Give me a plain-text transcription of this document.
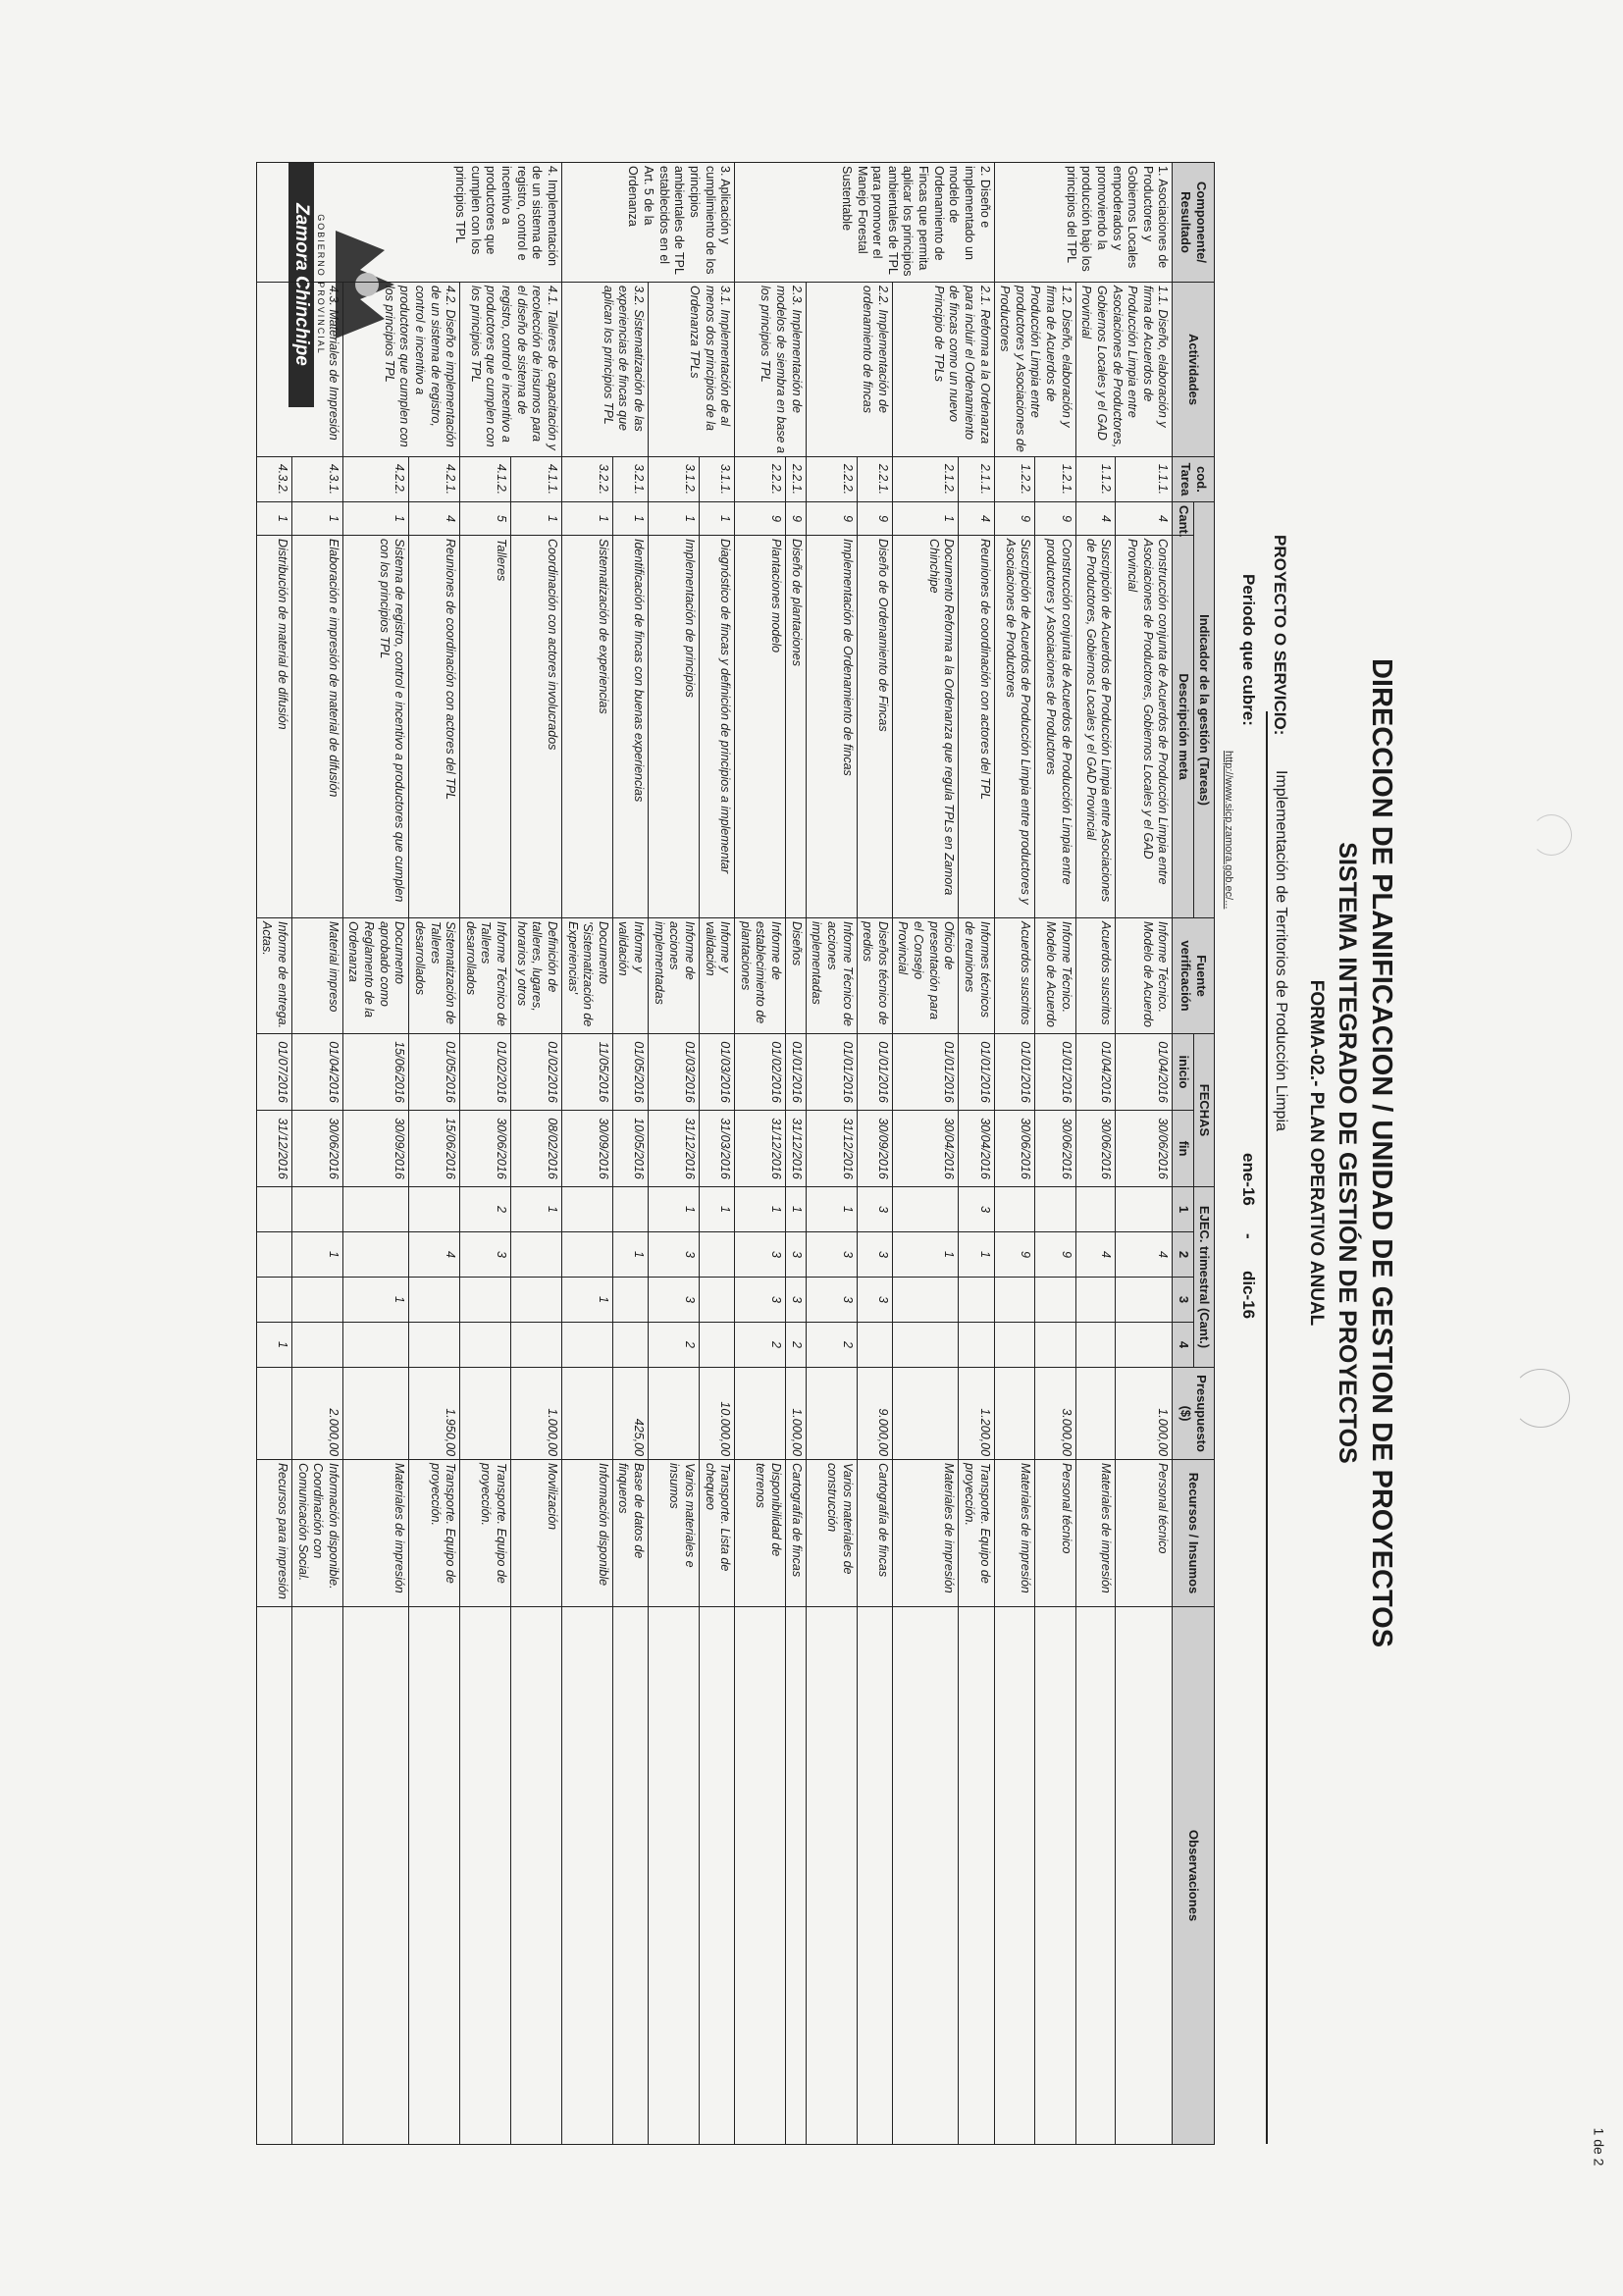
GOBIERNO PROVINCIAL
Zamora Chinchipe
DIRECCION DE PLANIFICACION / UNIDAD DE GESTION DE PROYECTOS
SISTEMA INTEGRADO DE GESTIÓN DE PROYECTOS
FORMA-02.- PLAN OPERATIVO ANUAL
PROYECTO O SERVICIO:
Implementación de Territorios de Producción Limpia
Periodo que cubre:
ene-16
-
dic-16
http://www.sicp.zamora.gob.ec/...
Componente/ Resultado	Actividades	cod. Tarea	Indicador de la gestión (Tareas)		Fuente verificación	FECHAS		EJEC. trimestral (Cant.)				Presupuesto ($)	Recursos / Insumos	Observaciones
			Cant.	Descripción meta		inicio	fin	1	2	3	4			
1. Asociaciones de Productores y Gobiernos Locales empoderados y promoviendo la producción bajo los principios del TPL	1.1. Diseño, elaboración y firma de Acuerdos de Producción Limpia entre Asociaciones de Productores, Gobiernos Locales y el GAD Provincial	1.1.1.	4	Construcción conjunta de Acuerdos de Producción Limpia entre Asociaciones de Productores, Gobiernos Locales y el GAD Provincial	Informe Técnico. Modelo de Acuerdo	01/04/2016	30/06/2016		4			1.000,00	Personal técnico	
		1.1.2.	4	Suscripción de Acuerdos de Producción Limpia entre Asociaciones de Productores, Gobiernos Locales y el GAD Provincial	Acuerdos suscritos	01/04/2016	30/06/2016		4				Materiales de impresión	
	1.2. Diseño, elaboración y firma de Acuerdos de Producción Limpia entre productores y Asociaciones de Productores	1.2.1.	9	Construcción conjunta de Acuerdos de Producción Limpia entre productores y Asociaciones de Productores	Informe Técnico. Modelo de Acuerdo	01/01/2016	30/06/2016		9			3.000,00	Personal técnico	
		1.2.2.	9	Suscripción de Acuerdos de Producción Limpia entre productores y Asociaciones de Productores	Acuerdos suscritos	01/01/2016	30/06/2016		9				Materiales de impresión	
2. Diseño e implementado un modelo de Ordenamiento de Fincas que permita aplicar los principios ambientales de TPL para promover el Manejo Forestal Sustentable	2.1. Reforma a la Ordenanza para incluir el Ordenamiento de fincas como un nuevo Principio de TPLs	2.1.1.	4	Reuniones de coordinación con actores del TPL	Informes técnicos de reuniones	01/01/2016	30/04/2016	3	1			1.200,00	Transporte. Equipo de proyección.	
		2.1.2.	1	Documento Reforma a la Ordenanza que regula TPLs en Zamora Chinchipe	Oficio de presentación para el Consejo Provincial	01/01/2016	30/04/2016		1				Materiales de impresión	
	2.2. Implementación de ordenamiento de fincas	2.2.1.	9	Diseño de Ordenamiento de Fincas	Diseños técnico de predios	01/01/2016	30/09/2016	3	3	3		9.000,00	Cartografía de fincas	
		2.2.2.	9	Implementación de Ordenamiento de fincas	Informe Técnico de acciones implementadas	01/01/2016	31/12/2016	1	3	3	2		Varios materiales de construcción	
	2.3. Implementación de modelos de siembra en base a los principios TPL	2.2.1.	9	Diseño de plantaciones	Diseños	01/01/2016	31/12/2016	1	3	3	2	1.000,00	Cartografía de fincas	
		2.2.2.	9	Plantaciones modelo	Informe de establecimiento de plantaciones	01/02/2016	31/12/2016	1	3	3	2		Disponibilidad de terrenos	
3. Aplicación y cumplimiento de los principios ambientales de TPL establecidos en el Art. 5 de la Ordenanza	3.1. Implementación de al menos dos principios de la Ordenanza TPLs	3.1.1.	1	Diagnóstico de fincas y definición de principios a implementar	Informe y validación	01/03/2016	31/03/2016	1				10.000,00	Transporte. Lista de chequeo	
		3.1.2.	1	Implementación de principios	Informe de acciones implementadas	01/03/2016	31/12/2016	1	3	3	2		Varios materiales e insumos	
	3.2. Sistematización de las experiencias de fincas que aplican los principios TPL	3.2.1.	1	Identificación de fincas con buenas experiencias	Informe y validación	01/05/2016	10/05/2016		1			425,00	Base de datos de finqueros	
		3.2.2.	1	Sistematización de experiencias	Documento 'Sistematización de Experiencias'	11/05/2016	30/09/2016			1			Información disponible	
4. Implementación de un sistema de registro, control e incentivo a productores que cumplen con los principios TPL	4.1. Talleres de capacitación y recolección de insumos para el diseño de sistema de registro, control e incentivo a productores que cumplen con los principios TPL	4.1.1.	1	Coordinación con actores involucrados	Definición de talleres, lugares, horarios y otros	01/02/2016	08/02/2016	1				1.000,00	Movilización	
		4.1.2.	5	Talleres	Informe Técnico de Talleres desarrollados	01/02/2016	30/06/2016	2	3				Transporte. Equipo de proyección.	
	4.2. Diseño e implementación de un sistema de registro, control e incentivo a productores que cumplen con los principios TPL	4.2.1.	4	Reuniones de coordinación con actores del TPL	Sistematización de Talleres desarrollados	01/05/2016	15/06/2016		4			1.950,00	Transporte. Equipo de proyección.	
		4.2.2.	1	Sistema de registro, control e incentivo a productores que cumplen con los principios TPL	Documento aprobado como Reglamento de la Ordenanza	15/06/2016	30/09/2016			1			Materiales de impresión	
	4.3. Materiales de Impresión	4.3.1.	1	Elaboración e impresión de material de difusión	Material impreso	01/04/2016	30/06/2016		1			2.000,00	Información disponible. Coordinación con Comunicación Social.	
		4.3.2.	1	Distribución de material de difusión	Informe de entrega. Actas.	01/07/2016	31/12/2016				1		Recursos para impresión	
1 de 2
